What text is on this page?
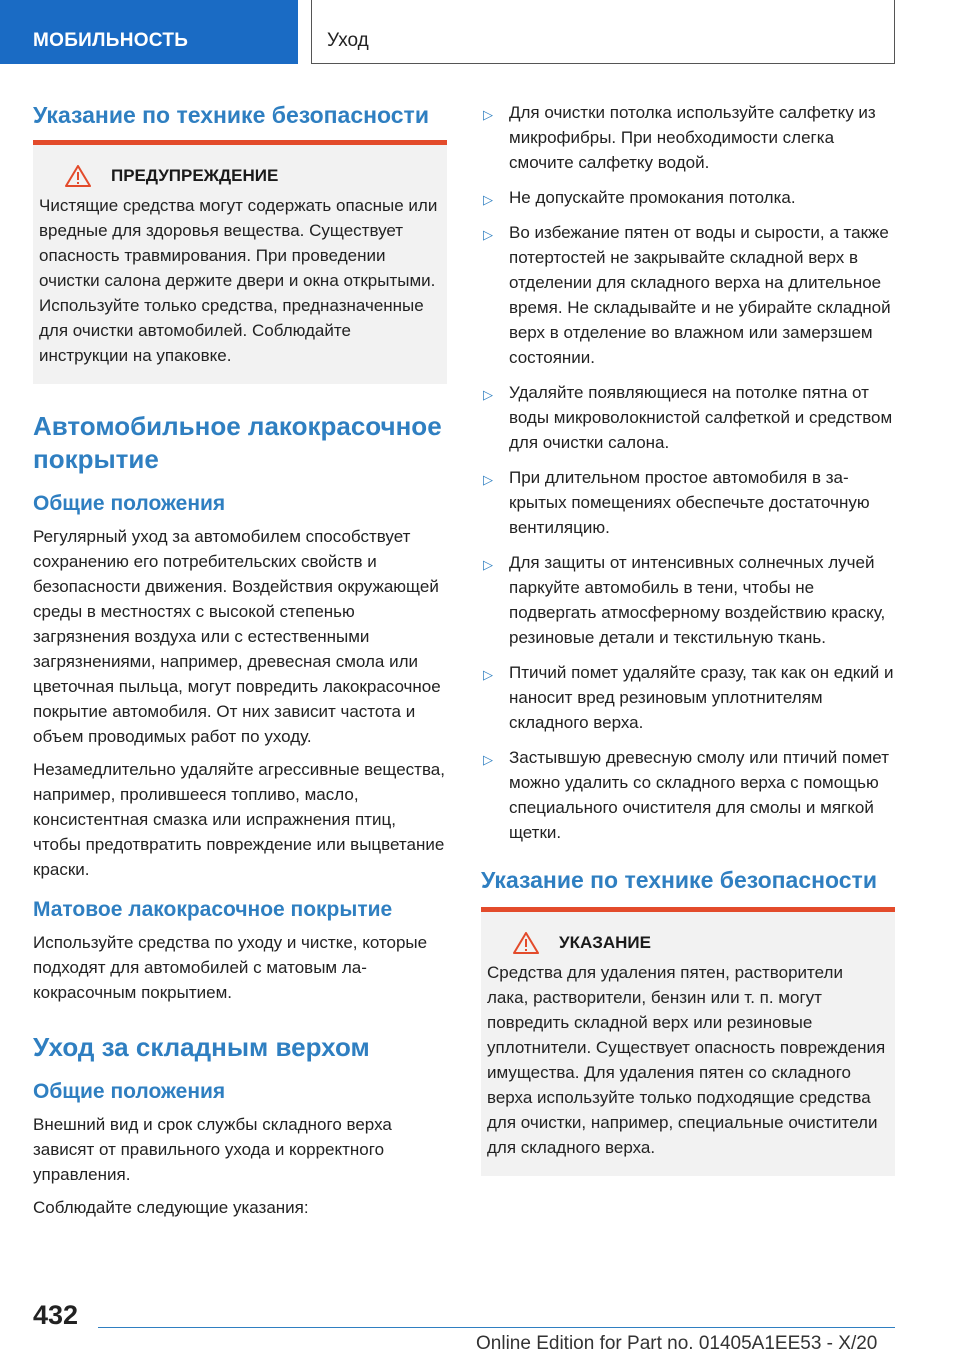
МОБИЛЬНОСТЬ	Уход
Указание по технике безопасности
ПРЕДУПРЕЖДЕНИЕ

Чистящие средства могут содержать опасные или вредные для здоровья вещества. Существует опасность травмирования. При проведении очистки салона держите двери и окна открытыми. Используйте только средства, предназначенные для очистки автомобилей. Соблюдайте инструкции на упаковке.

Автомобильное лакокрасочное покрытие
Общие положения

Регулярный уход за автомобилем способствует сохранению его потребительских свойств и безопасности движения. Воздействия окружающей среды в местностях с высокой степенью загрязнения воздуха или с естественными загрязнениями, например, древесная смола или цветочная пыльца, могут повредить лакокрасочное покрытие автомобиля. От них зависит частота и объем проводимых работ по уходу.

Незамедлительно удаляйте агрессивные вещества, например, пролившееся топливо, масло, консистентная смазка или испражнения птиц, чтобы предотвратить повреждение или выцветание краски.

Матовое лакокрасочное покрытие

Используйте средства по уходу и чистке, которые подходят для автомобилей с матовым лакокрасочным покрытием.

Уход за складным верхом
Общие положения

Внешний вид и срок службы складного верха зависят от правильного ухода и корректного управления.

Соблюдайте следующие указания:

▷ Для очистки потолка используйте салфетку из микрофибры. При необходимости слегка смочите салфетку водой.
▷ Не допускайте промокания потолка.
▷ Во избежание пятен от воды и сырости, а также потертостей не закрывайте складной верх в отделении для складного верха на длительное время. Не складывайте и не убирайте складной верх в отделение во влажном или замерзшем состоянии.
▷ Удаляйте появляющиеся на потолке пятна от воды микроволокнистой салфеткой и средством для очистки салона.
▷ При длительном простое автомобиля в закрытых помещениях обеспечьте достаточную вентиляцию.
▷ Для защиты от интенсивных солнечных лучей паркуйте автомобиль в тени, чтобы не подвергать атмосферному воздействию краску, резиновые детали и текстильную ткань.
▷ Птичий помет удаляйте сразу, так как он едкий и наносит вред резиновым уплотнителям складного верха.
▷ Застывшую древесную смолу или птичий помет можно удалить со складного верха с помощью специального очистителя для смолы и мягкой щетки.
Указание по технике безопасности
УКАЗАНИЕ

Средства для удаления пятен, растворители лака, растворители, бензин или т. п. могут повредить складной верх или резиновые уплотнители. Существует опасность повреждения имущества. Для удаления пятен со складного верха используйте только подходящие средства для очистки, например, специальные очистители для складного верха.

432
Online Edition for Part no. 01405A1EE53 - X/20
